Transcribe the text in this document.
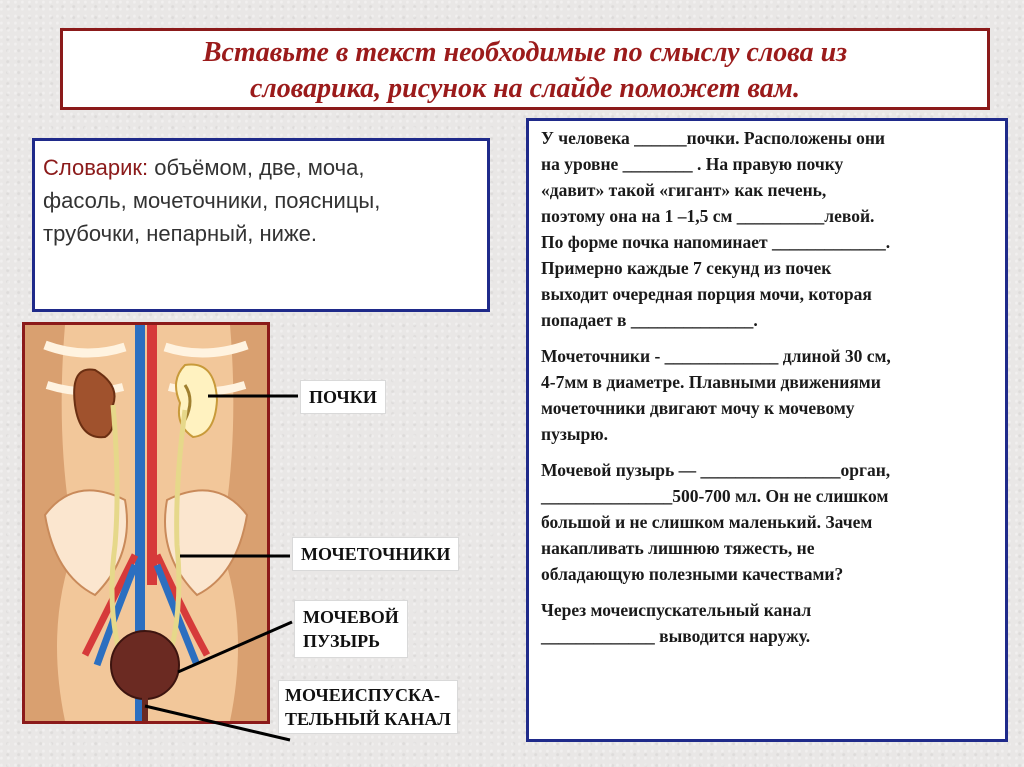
Вставьте в текст необходимые по смыслу слова из
словарика, рисунок на слайде поможет вам.
Словарик: объёмом, две, моча,
фасоль, мочеточники, поясницы,
трубочки, непарный, ниже.
ПОЧКИ
МОЧЕТОЧНИКИ
МОЧЕВОЙ
ПУЗЫРЬ
МОЧЕИСПУСКА-
ТЕЛЬНЫЙ КАНАЛ

У человека ______почки. Расположены они
на уровне ________ . На правую почку
«давит» такой «гигант» как печень,
поэтому она на 1 –1,5 см __________левой.
По форме почка напоминает _____________.
Примерно каждые 7 секунд из почек
выходит очередная порция мочи, которая
попадает в ______________.

Мочеточники - _____________ длиной 30 см,
4-7мм в диаметре. Плавными движениями
мочеточники двигают мочу к мочевому
пузырю.

Мочевой пузырь — ________________орган,
_______________500-700 мл. Он не слишком
большой и не слишком маленький. Зачем
накапливать лишнюю тяжесть, не
обладающую полезными качествами?

Через мочеиспускательный канал
_____________ выводится наружу.
